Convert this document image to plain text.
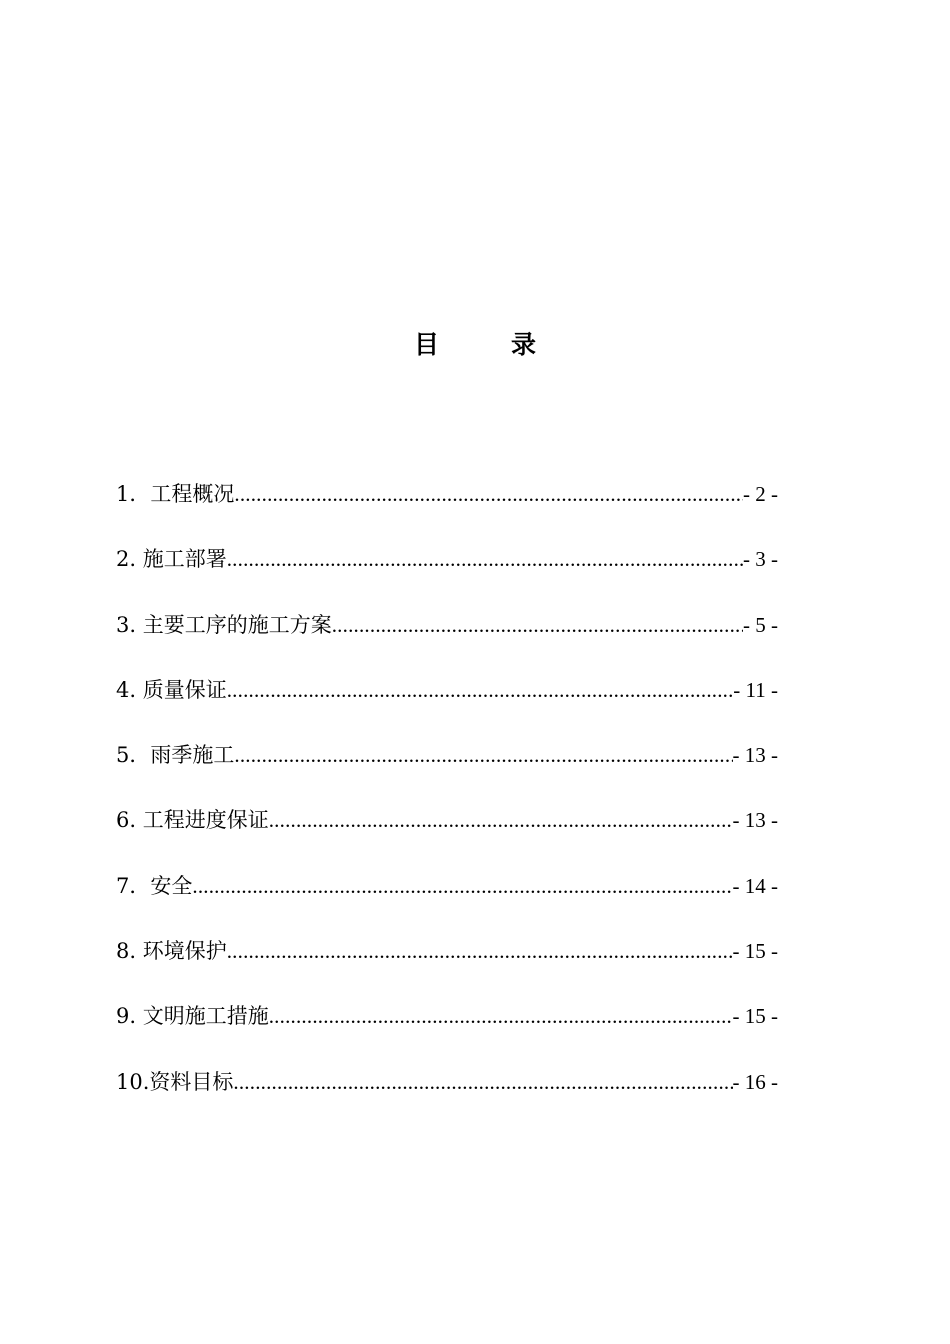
目	录
1．工程概况 .....	- 2 -
2. 施工部署 .....	- 3 -
3. 主要工序的施工方案 .....	- 5 -
4. 质量保证 .....	- 11 -
5．雨季施工 .....	- 13 -
6. 工程进度保证 .....	- 13 -
7．安全 .....	- 14 -
8. 环境保护 .....	- 15 -
9. 文明施工措施 .....	- 15 -
10.资料目标 .....	- 16 -
